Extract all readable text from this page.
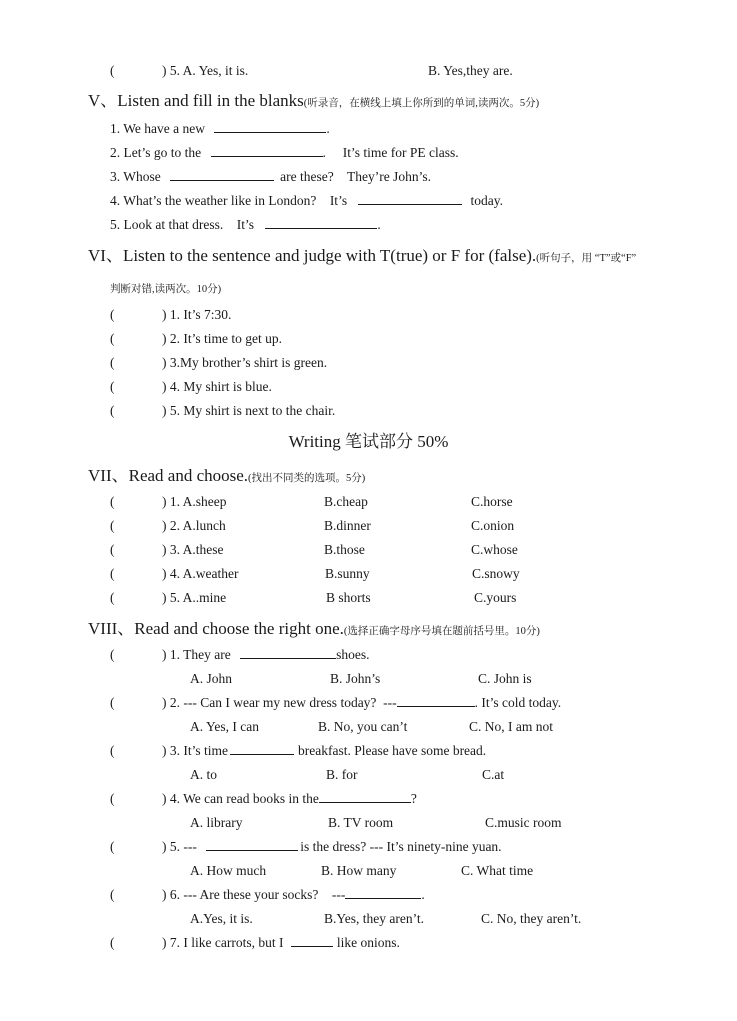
(	) 5. A. Yes, it is.	B. Yes,they are.
V、Listen and fill in the blanks(听录音，在横线上填上你所到的单词,读两次。5分)
1. We have a new	.
2. Let’s go to the	.     It’s time for PE class.
3. Whose	are these?    They’re John’s.
4. What’s the weather like in London?    It’s	today.
5. Look at that dress.    It’s	.
VI、Listen to the sentence and judge with T(true) or F for (false).(听句子，用 “T”或“F”
判断对错,读两次。10分)
(	) 1. It’s 7:30.
(	) 2. It’s time to get up.
(	) 3.My brother’s shirt is green.
(	) 4. My shirt is blue.
(	) 5. My shirt is next to the chair.
Writing 笔试部分 50%
VII、Read and choose.(找出不同类的选项。5分)
(	) 1. A.sheep	B.cheap	C.horse
(	) 2. A.lunch	B.dinner	C.onion
(	) 3. A.these	B.those	C.whose
(	) 4. A.weather	B.sunny	C.snowy
(	) 5. A..mine	B shorts	C.yours
VIII、Read and choose the right one.(选择正确字母序号填在题前括号里。10分)
(	) 1. They are	shoes.
A. John	B. John’s	C. John is
(	) 2. --- Can I wear my new dress today?  ---	. It’s cold today.
A. Yes, I can	B. No, you can’t	C. No, I am not
(	) 3. It’s time	breakfast. Please have some bread.
A. to	B. for	C.at
(	) 4. We can read books in the	?
A. library	B. TV room	C.music room
(	) 5. ---	is the dress? --- It’s ninety-nine yuan.
A. How much	B. How many	C. What time
(	) 6. --- Are these your socks?    ---	.
A.Yes, it is.	B.Yes, they aren’t.	C. No, they aren’t.
(	) 7. I like carrots, but I	like onions.
